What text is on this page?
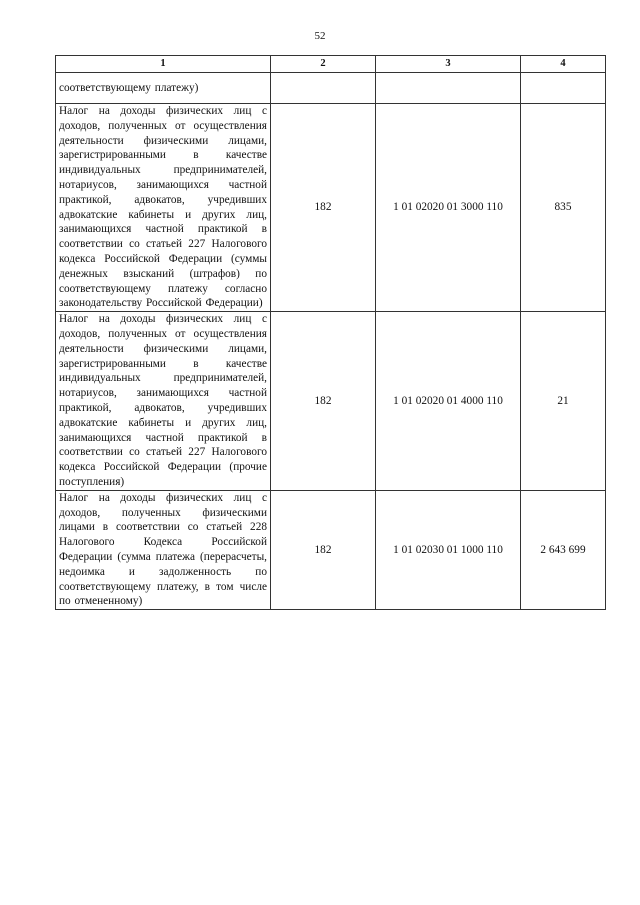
52
1	2	3	4
соответствующему платежу)			
Налог на доходы физических лиц с доходов, полученных от осуществления деятельности физическими лицами, зарегистрированными в качестве индивидуальных предпринимателей, нотариусов, занимающихся частной практикой, адвокатов, учредивших адвокатские кабинеты и других лиц, занимающихся частной практикой в соответствии со статьей 227 Налогового кодекса Российской Федерации (суммы денежных взысканий (штрафов) по соответствующему платежу согласно законодательству Российской Федерации)	182	1 01 02020 01 3000 110	835
Налог на доходы физических лиц с доходов, полученных от осуществления деятельности физическими лицами, зарегистрированными в качестве индивидуальных предпринимателей, нотариусов, занимающихся частной практикой, адвокатов, учредивших адвокатские кабинеты и других лиц, занимающихся частной практикой в соответствии со статьей 227 Налогового кодекса Российской Федерации (прочие поступления)	182	1 01 02020 01 4000 110	21
Налог на доходы физических лиц с доходов, полученных физическими лицами в соответствии со статьей 228 Налогового Кодекса Российской Федерации (сумма платежа (перерасчеты, недоимка и задолженность по соответствующему платежу, в том числе по отмененному)	182	1 01 02030 01 1000 110	2 643 699
